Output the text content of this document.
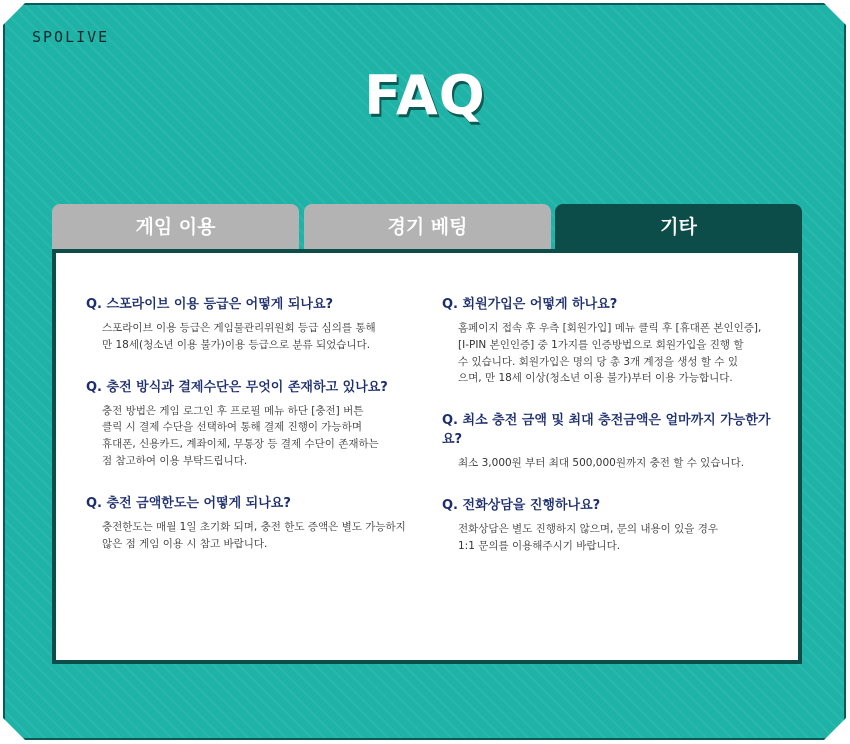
SPOLIVE
FAQ
게임 이용	경기 베팅	기타

Q. 스포라이브 이용 등급은 어떻게 되나요?

스포라이브 이용 등급은 게임물관리위원회 등급 심의를 통해
만 18세(청소년 이용 불가)이용 등급으로 분류 되었습니다.

Q. 충전 방식과 결제수단은 무엇이 존재하고 있나요?

충전 방법은 게임 로그인 후 프로필 메뉴 하단 [충전] 버튼
클릭 시 결제 수단을 선택하여 통해 결제 진행이 가능하며
휴대폰, 신용카드, 계좌이체, 무통장 등 결제 수단이 존재하는
점 참고하여 이용 부탁드립니다.

Q. 충전 금액한도는 어떻게 되나요?

충전한도는 매월 1일 초기화 되며, 충전 한도 증액은 별도 가능하지
않은 점 게임 이용 시 참고 바랍니다.

Q. 회원가입은 어떻게 하나요?

홈페이지 접속 후 우측 [회원가입] 메뉴 클릭 후 [휴대폰 본인인증],
[I-PIN 본인인증] 중 1가지를 인증방법으로 회원가입을 진행 할
수 있습니다. 회원가입은 명의 당 총 3개 계정을 생성 할 수 있
으며, 만 18세 이상(청소년 이용 불가)부터 이용 가능합니다.

Q. 최소 충전 금액 및 최대 충전금액은 얼마까지 가능한가요?

최소 3,000원 부터 최대 500,000원까지 충전 할 수 있습니다.

Q. 전화상담을 진행하나요?

전화상담은 별도 진행하지 않으며, 문의 내용이 있을 경우
1:1 문의를 이용해주시기 바랍니다.
